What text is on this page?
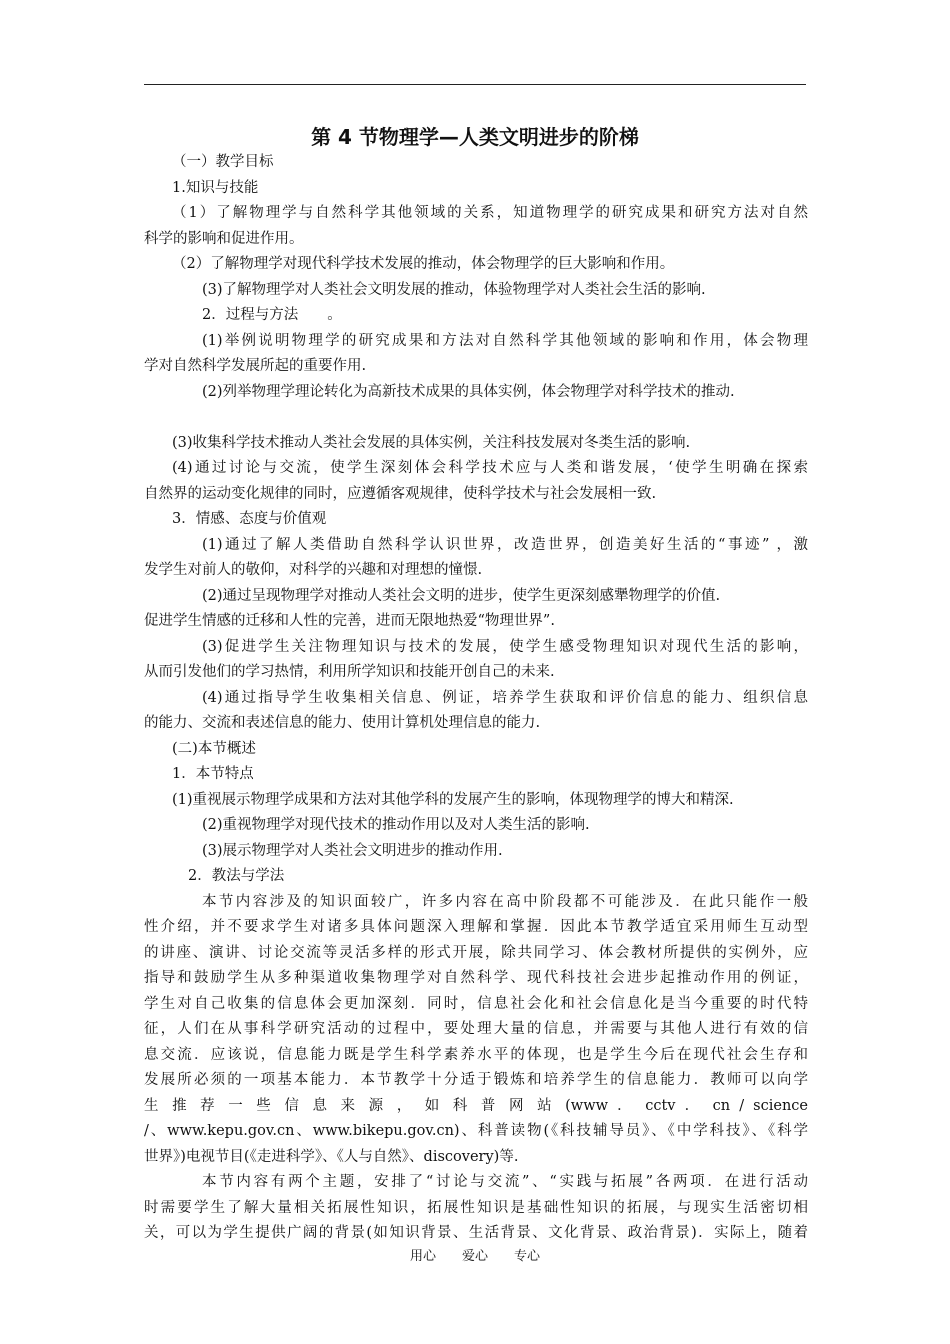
第 4 节物理学—人类文明进步的阶梯
（一）教学目标
1.知识与技能
（1）了解物理学与自然科学其他领域的关系，知道物理学的研究成果和研究方法对自然
科学的影响和促进作用。
（2）了解物理学对现代科学技术发展的推动，体会物理学的巨大影响和作用。
(3)了解物理学对人类社会文明发展的推动，体验物理学对人类社会生活的影响.
2．过程与方法　　。
(1)举例说明物理学的研究成果和方法对自然科学其他领域的影响和作用，体会物理
学对自然科学发展所起的重要作用.
(2)列举物理学理论转化为高新技术成果的具体实例，体会物理学对科学技术的推动.
(3)收集科学技术推动人类社会发展的具体实例，关注科技发展对冬类生活的影响.
(4)通过讨论与交流，使学生深刻体会科学技术应与人类和谐发展，‘使学生明确在探索
自然界的运动变化规律的同时，应遵循客观规律，使科学技术与社会发展相一致.
3．情感、态度与价值观
(1)通过了解人类借助自然科学认识世界，改造世界，创造美好生活的“事迹” ，激
发学生对前人的敬仰，对科学的兴趣和对理想的憧憬.
(2)通过呈现物理学对推动人类社会文明的进步，使学生更深刻感犟物理学的价值.
促进学生情感的迁移和人性的完善，进而无限地热爱“物理世界”.
(3)促进学生关注物理知识与技术的发展，使学生感受物理知识对现代生活的影响，
从而引发他们的学习热情，利用所学知识和技能开创自己的未来.
(4)通过指导学生收集相关信息、例证，培养学生获取和评价信息的能力、组织信息
的能力、交流和表述信息的能力、使用计算机处理信息的能力.
(二)本节概述
1．本节特点
(1)重视展示物理学成果和方法对其他学科的发展产生的影响，体现物理学的博大和精深.
(2)重视物理学对现代技术的推动作用以及对人类生活的影响.
(3)展示物理学对人类社会文明进步的推动作用.
2．教法与学法
本节内容涉及的知识面较广，许多内容在高中阶段都不可能涉及．在此只能作一般
性介绍，并不要求学生对诸多具体问题深入理解和掌握．因此本节教学适宜采用师生互动型
的讲座、演讲、讨论交流等灵活多样的形式开展，除共同学习、体会教材所提供的实例外，应
指导和鼓励学生从多种渠道收集物理学对自然科学、现代科技社会进步起推动作用的例证，
学生对自己收集的信息体会更加深刻．同时，信息社会化和社会信息化是当今重要的时代特
征，人们在从事科学研究活动的过程中，要处理大量的信息，并需要与其他人进行有效的信
息交流．应该说，信息能力既是学生科学素养水平的体现，也是学生今后在现代社会生存和
发展所必须的一项基本能力．本节教学十分适于锻炼和培养学生的信息能力．教师可以向学
生 推 荐 一 些 信 息 来 源 ， 如 科 普 网 站 (www ． cctv ． cn / science
/、www.kepu.gov.cn、www.bikepu.gov.cn)、科普读物(《科技辅导员》、《中学科技》、《科学
世界》)电视节目(《走进科学》、《人与自然》、discovery)等.
本节内容有两个主题，安排了“讨论与交流”、“实践与拓展”各两项．在进行活动
时需要学生了解大量相关拓展性知识，拓展性知识是基础性知识的拓展，与现实生活密切相
关，可以为学生提供广阔的背景(如知识背景、生活背景、文化背景、政治背景)．实际上，随着
用心　　爱心　　专心
